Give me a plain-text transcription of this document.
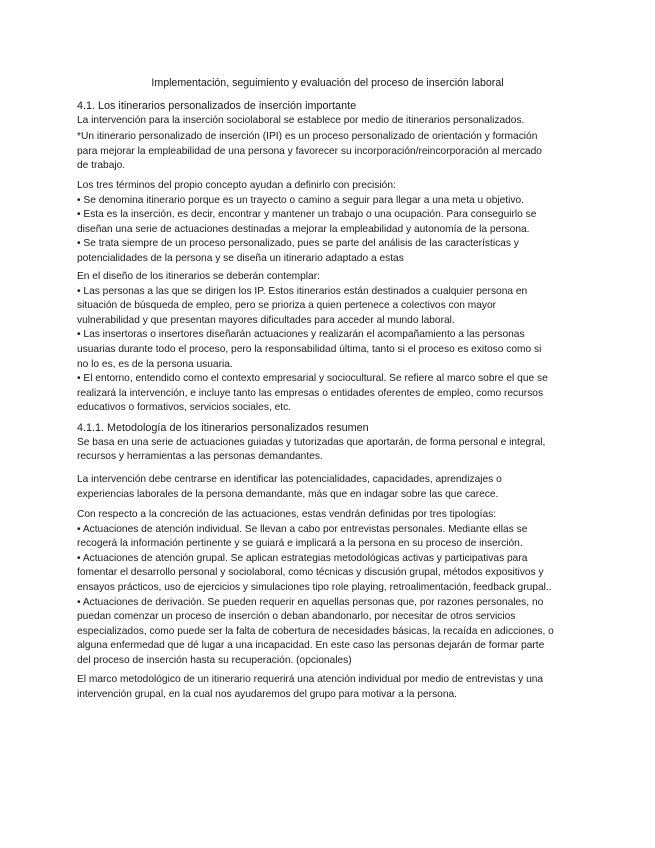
Implementación, seguimiento y evaluación del proceso de inserción laboral
4.1. Los itinerarios personalizados de inserción importante
La intervención para la inserción sociolaboral se establece por medio de itinerarios personalizados.
*Un itinerario personalizado de inserción (IPI) es un proceso personalizado de orientación y formación
para mejorar la empleabilidad de una persona y favorecer su incorporación/reincorporación al mercado
de trabajo.
Los tres términos del propio concepto ayudan a definirlo con precisión:
• Se denomina itinerario porque es un trayecto o camino a seguir para llegar a una meta u objetivo.
• Esta es la inserción, es decir, encontrar y mantener un trabajo o una ocupación. Para conseguirlo se
diseñan una serie de actuaciones destinadas a mejorar la empleabilidad y autonomía de la persona.
• Se trata siempre de un proceso personalizado, pues se parte del análisis de las características y
potencialidades de la persona y se diseña un itinerario adaptado a estas
En el diseño de los itinerarios se deberán contemplar:
• Las personas a las que se dirigen los IP. Estos itinerarios están destinados a cualquier persona en
situación de búsqueda de empleo, pero se prioriza a quien pertenece a colectivos con mayor
vulnerabilidad y que presentan mayores dificultades para acceder al mundo laboral.
• Las insertoras o insertores diseñarán actuaciones y realizarán el acompañamiento a las personas
usuarias durante todo el proceso, pero la responsabilidad última, tanto si el proceso es exitoso como si
no lo es, es de la persona usuaria.
• El entorno, entendido como el contexto empresarial y sociocultural. Se refiere al marco sobre el que se
realizará la intervención, e incluye tanto las empresas o entidades oferentes de empleo, como recursos
educativos o formativos, servicios sociales, etc.
4.1.1. Metodología de los itinerarios personalizados resumen
Se basa en una serie de actuaciones guiadas y tutorizadas que aportarán, de forma personal e integral,
recursos y herramientas a las personas demandantes.
La intervención debe centrarse en identificar las potencialidades, capacidades, aprendizajes o
experiencias laborales de la persona demandante, más que en indagar sobre las que carece.
Con respecto a la concreción de las actuaciones, estas vendrán definidas por tres tipologías:
• Actuaciones de atención individual. Se llevan a cabo por entrevistas personales. Mediante ellas se
recogerá la información pertinente y se guiará e implicará a la persona en su proceso de inserción.
• Actuaciones de atención grupal. Se aplican estrategias metodológicas activas y participativas para
fomentar el desarrollo personal y sociolaboral, como técnicas y discusión grupal, métodos expositivos y
ensayos prácticos, uso de ejercicios y simulaciones tipo role playing, retroalimentación, feedback grupal..
• Actuaciones de derivación. Se pueden requerir en aquellas personas que, por razones personales, no
puedan comenzar un proceso de inserción o deban abandonarlo, por necesitar de otros servicios
especializados, como puede ser la falta de cobertura de necesidades básicas, la recaída en adicciones, o
alguna enfermedad que dé lugar a una incapacidad. En este caso las personas dejarán de formar parte
del proceso de inserción hasta su recuperación. (opcionales)
El marco metodológico de un itinerario requerirá una atención individual por medio de entrevistas y una
intervención grupal, en la cual nos ayudaremos del grupo para motivar a la persona.
